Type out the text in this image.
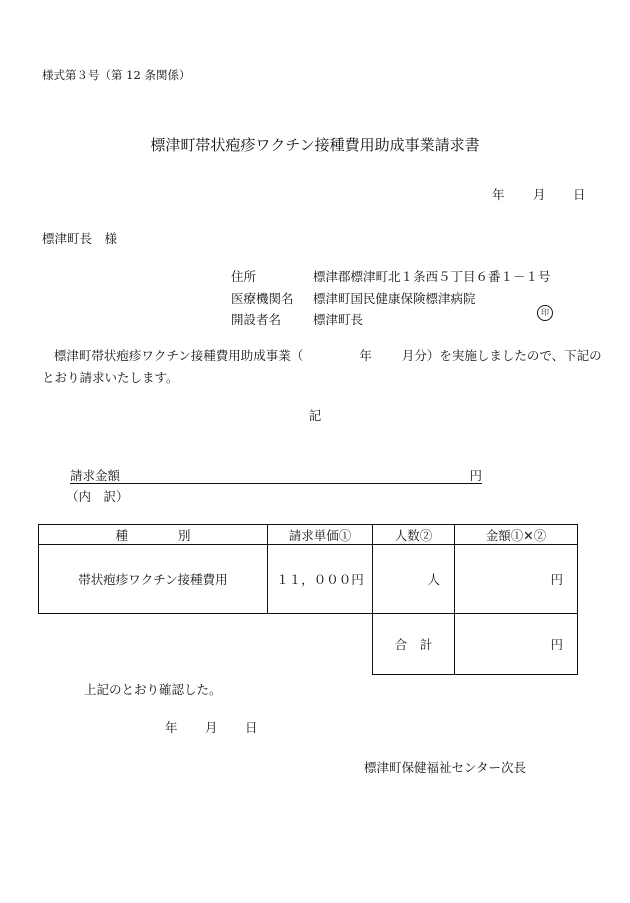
様式第３号（第 12 条関係）
標津町帯状疱疹ワクチン接種費用助成事業請求書
年	月	日
標津町長　様
住所	標津郡標津町北１条西５丁目６番１－１号
医療機関名 標津町国民健康保険標津病院
開設者名	標津町長	印
標津町帯状疱疹ワクチン接種費用助成事業（	年 月分）を実施しましたので、下記のとおり請求いたします。
記
請求金額	円
（内　訳）
種　　　　別	請求単価①	人数②	金額①✕②
帯状疱疹ワクチン接種費用	１１，０００円	人	円
		合　計	円
上記のとおり確認した。
年	月	日
標津町保健福祉センター次長
